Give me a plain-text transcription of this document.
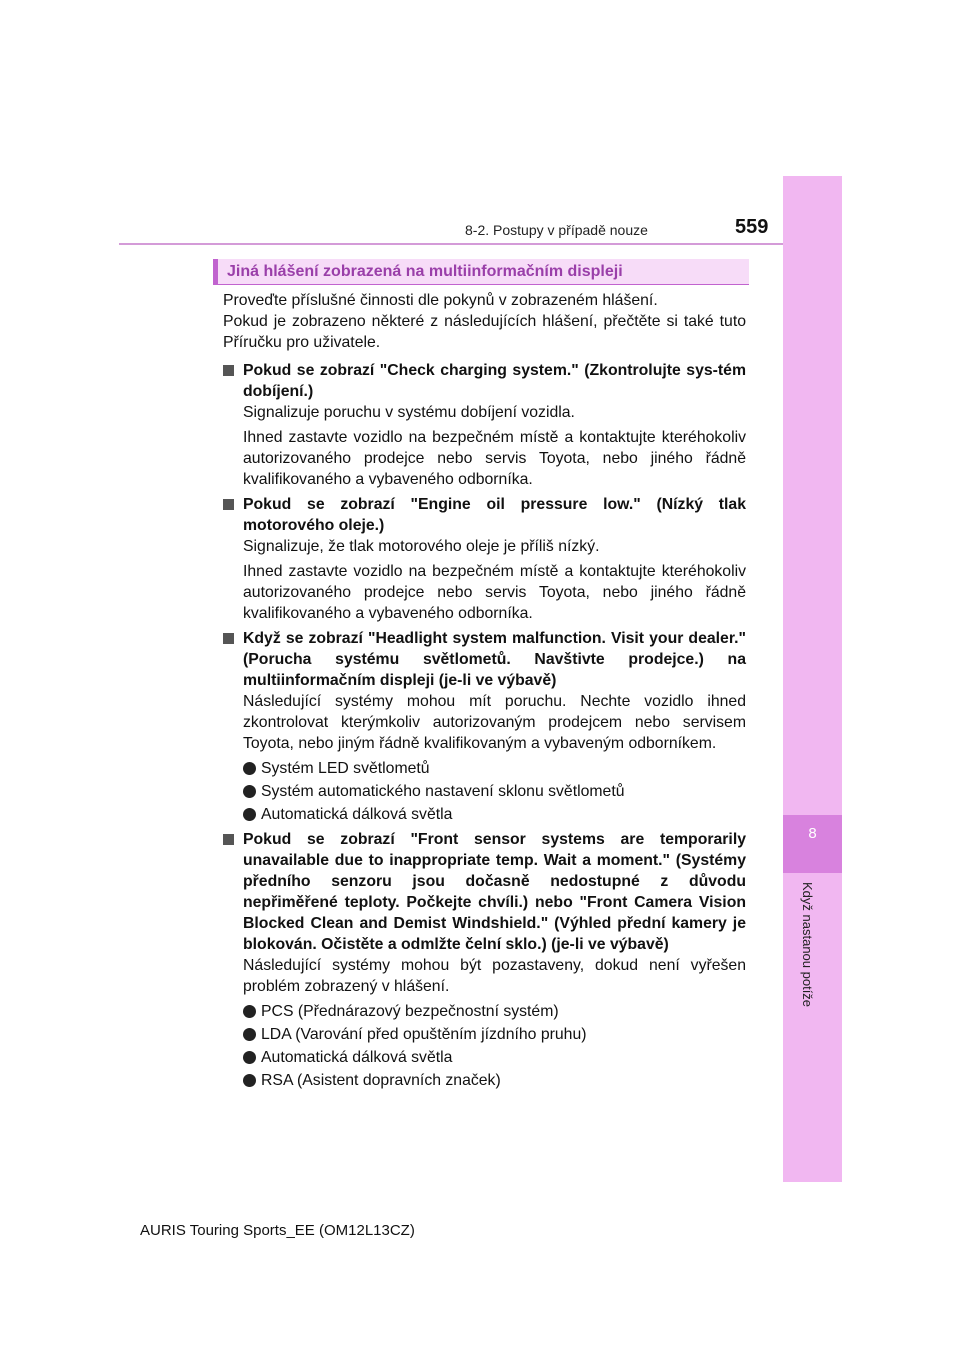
8
Když nastanou potíže
8-2. Postupy v případě nouze	559
Jiná hlášení zobrazená na multiinformačním displeji

Proveďte příslušné činnosti dle pokynů v zobrazeném hlášení.

Pokud je zobrazeno některé z následujících hlášení, přečtěte si také tuto Příručku pro uživatele.

Pokud se zobrazí "Check charging system." (Zkontrolujte sys-tém dobíjení.)

Signalizuje poruchu v systému dobíjení vozidla.

Ihned zastavte vozidlo na bezpečném místě a kontaktujte kteréhokoliv autorizovaného prodejce nebo servis Toyota, nebo jiného řádně kvalifikovaného a vybaveného odborníka.

Pokud se zobrazí "Engine oil pressure low." (Nízký tlak motorového oleje.)

Signalizuje, že tlak motorového oleje je příliš nízký.

Ihned zastavte vozidlo na bezpečném místě a kontaktujte kteréhokoliv autorizovaného prodejce nebo servis Toyota, nebo jiného řádně kvalifikovaného a vybaveného odborníka.

Když se zobrazí "Headlight system malfunction. Visit your dealer." (Porucha systému světlometů. Navštivte prodejce.) na multiinformačním displeji (je-li ve výbavě)

Následující systémy mohou mít poruchu. Nechte vozidlo ihned zkontrolovat kterýmkoliv autorizovaným prodejcem nebo servisem Toyota, nebo jiným řádně kvalifikovaným a vybaveným odborníkem.

Systém LED světlometů
Systém automatického nastavení sklonu světlometů
Automatická dálková světla

Pokud se zobrazí "Front sensor systems are temporarily unavailable due to inappropriate temp. Wait a moment." (Systémy předního senzoru jsou dočasně nedostupné z důvodu nepřiměřené teploty. Počkejte chvíli.) nebo "Front Camera Vision Blocked Clean and Demist Windshield." (Výhled přední kamery je blokován. Očistěte a odmlžte čelní sklo.) (je-li ve výbavě)

Následující systémy mohou být pozastaveny, dokud není vyřešen problém zobrazený v hlášení.

PCS (Přednárazový bezpečnostní systém)
LDA (Varování před opuštěním jízdního pruhu)
Automatická dálková světla
RSA (Asistent dopravních značek)
AURIS Touring Sports_EE (OM12L13CZ)
